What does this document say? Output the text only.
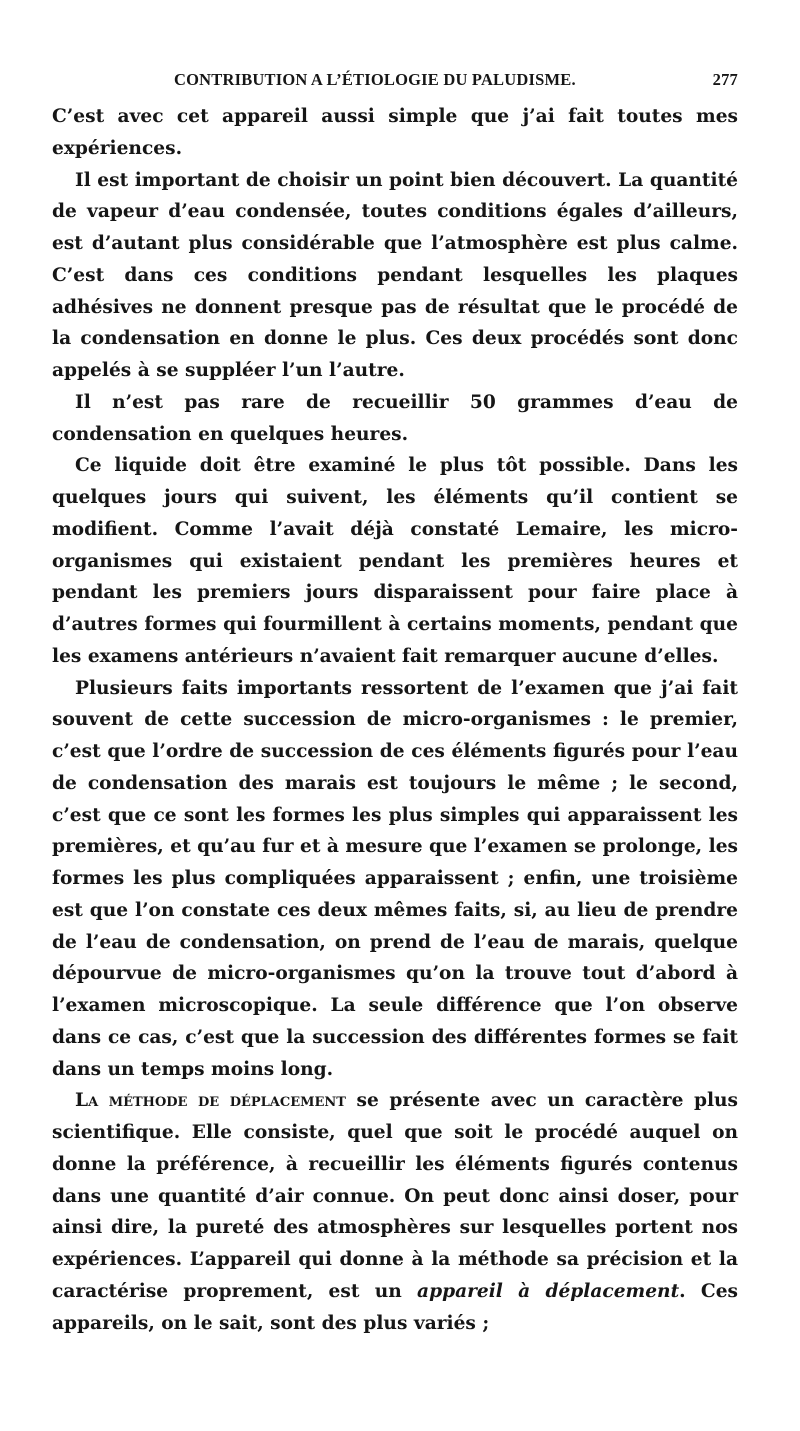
CONTRIBUTION A L’ÉTIOLOGIE DU PALUDISME.	277

C’est avec cet appareil aussi simple que j’ai fait toutes mes expériences.

Il est important de choisir un point bien découvert. La quantité de vapeur d’eau condensée, toutes conditions égales d’ailleurs, est d’autant plus considérable que l’atmosphère est plus calme. C’est dans ces conditions pendant lesquelles les plaques adhésives ne donnent presque pas de résultat que le procédé de la condensation en donne le plus. Ces deux procédés sont donc appelés à se suppléer l’un l’autre.

Il n’est pas rare de recueillir 50 grammes d’eau de condensation en quelques heures.

Ce liquide doit être examiné le plus tôt possible. Dans les quelques jours qui suivent, les éléments qu’il contient se modifient. Comme l’avait déjà constaté Lemaire, les micro-organismes qui existaient pendant les premières heures et pendant les premiers jours disparaissent pour faire place à d’autres formes qui fourmillent à certains moments, pendant que les examens antérieurs n’avaient fait remarquer aucune d’elles.

Plusieurs faits importants ressortent de l’examen que j’ai fait souvent de cette succession de micro-organismes : le premier, c’est que l’ordre de succession de ces éléments figurés pour l’eau de condensation des marais est toujours le même ; le second, c’est que ce sont les formes les plus simples qui apparaissent les premières, et qu’au fur et à mesure que l’examen se prolonge, les formes les plus compliquées apparaissent ; enfin, une troisième est que l’on constate ces deux mêmes faits, si, au lieu de prendre de l’eau de condensation, on prend de l’eau de marais, quelque dépourvue de micro-organismes qu’on la trouve tout d’abord à l’examen microscopique. La seule différence que l’on observe dans ce cas, c’est que la succession des différentes formes se fait dans un temps moins long.

La méthode de déplacement se présente avec un caractère plus scientifique. Elle consiste, quel que soit le procédé auquel on donne la préférence, à recueillir les éléments figurés contenus dans une quantité d’air connue. On peut donc ainsi doser, pour ainsi dire, la pureté des atmosphères sur lesquelles portent nos expériences. L’appareil qui donne à la méthode sa précision et la caractérise proprement, est un appareil à déplacement. Ces appareils, on le sait, sont des plus variés ;
